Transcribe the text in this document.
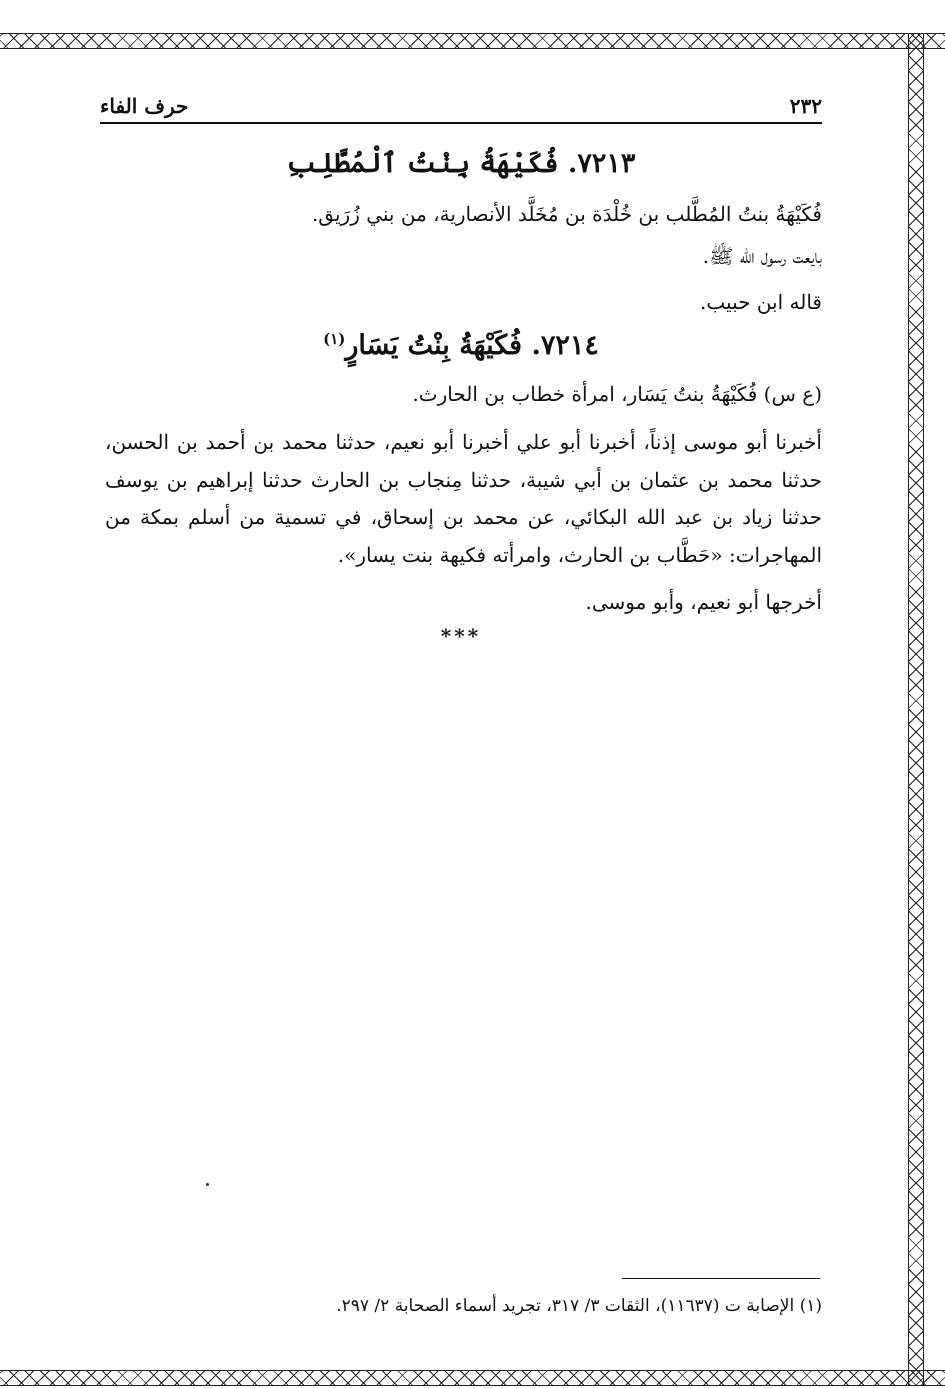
٢٣٢
حرف الفاء
٧٢١٣. فُكَيْهَةُ بِنْتُ ٱلْمُطَّلِبِ
فُكَيْهَةُ بنتُ المُطَّلب بن خُلْدَة بن مُخَلَّد الأنصارية، من بني زُرَيق.
بايعت رسول الله ﷺ.
قاله ابن حبيب.
٧٢١٤. فُكَيْهَةُ بِنْتُ يَسَارٍ$^{(١)}$
(ع س) فُكَيْهَةُ بنتُ يَسَار، امرأة خطاب بن الحارث.
أخبرنا أبو موسى إذناً، أخبرنا أبو علي أخبرنا أبو نعيم، حدثنا محمد بن أحمد بن الحسن، حدثنا محمد بن عثمان بن أبي شيبة، حدثنا مِنجاب بن الحارث حدثنا إبراهيم بن يوسف حدثنا زياد بن عبد الله البكائي، عن محمد بن إسحاق، في تسمية من أسلم بمكة من المهاجرات: «حَطَّاب بن الحارث، وامرأته فكيهة بنت يسار».
أخرجها أبو نعيم، وأبو موسى.
***
(١) الإصابة ت (١١٦٣٧)، الثقات ٣/ ٣١٧، تجريد أسماء الصحابة ٢/ ٢٩٧.
